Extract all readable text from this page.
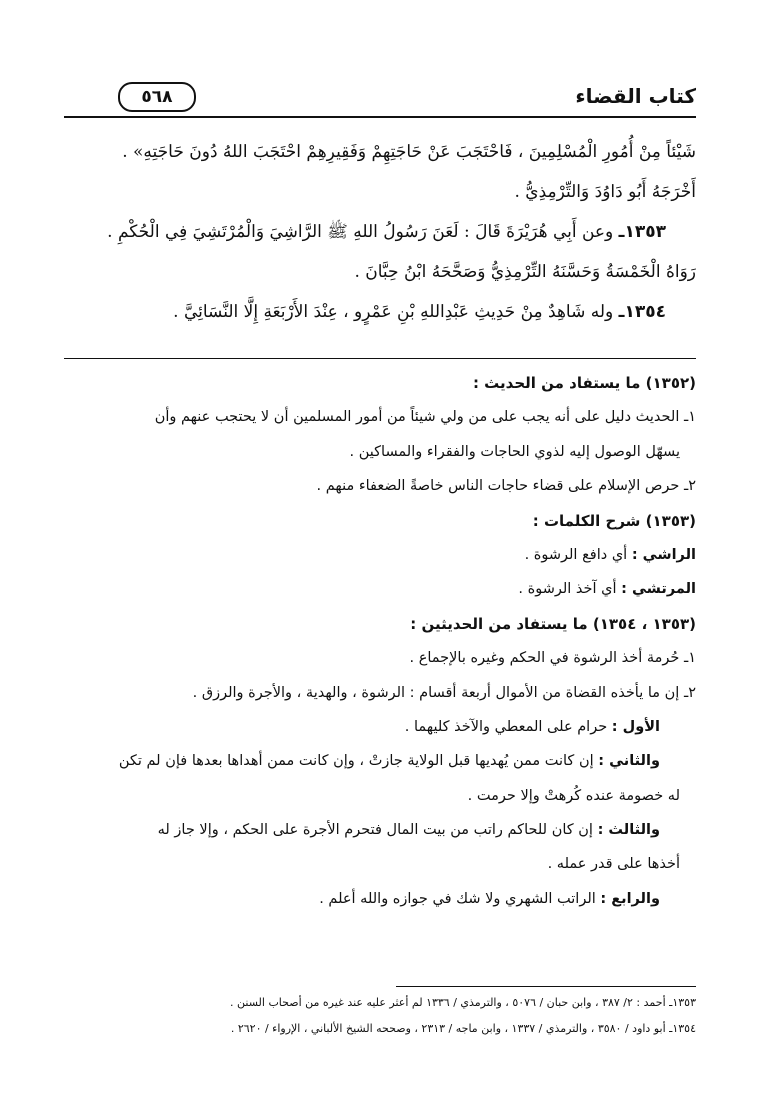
كتاب القضاء
٥٦٨
شَيْئاً مِنْ أُمُورِ الْمُسْلِمِينَ ، فَاحْتَجَبَ عَنْ حَاجَتِهِمْ وَفَقِيرِهِمْ احْتَجَبَ اللهُ دُونَ حَاجَتِهِ» .
أَخْرَجَهُ أَبُو دَاوُدَ وَالتِّرْمِذِيُّ .
١٣٥٣ـ وعن أَبِي هُرَيْرَةَ قَالَ : لَعَنَ رَسُولُ اللهِ ﷺ الرَّاشِيَ وَالْمُرْتَشِيَ فِي الْحُكْمِ .
رَوَاهُ الْخَمْسَةُ وَحَسَّنَهُ التِّرْمِذِيُّ وَصَحَّحَهُ ابْنُ حِبَّانَ .
١٣٥٤ـ وله شَاهِدٌ مِنْ حَدِيثِ عَبْدِاللهِ بْنِ عَمْرٍو ، عِنْدَ الأَرْبَعَةِ إِلَّا النَّسَائِيَّ .
(١٣٥٢) ما يستفاد من الحديث :
١ـ الحديث دليل على أنه يجب على من ولي شيئاً من أمور المسلمين أن لا يحتجب عنهم وأن
يسهّل الوصول إليه لذوي الحاجات والفقراء والمساكين .
٢ـ حرص الإسلام على قضاء حاجات الناس خاصةً الضعفاء منهم .
(١٣٥٣) شرح الكلمات :
الراشي : أي دافع الرشوة .
المرتشي : أي آخذ الرشوة .
(١٣٥٣ ، ١٣٥٤) ما يستفاد من الحديثين :
١ـ حُرمة أخذ الرشوة في الحكم وغيره بالإجماع .
٢ـ إن ما يأخذه القضاة من الأموال أربعة أقسام : الرشوة ، والهدية ، والأجرة والرزق .
الأول : حرام على المعطي والآخذ كليهما .
والثاني : إن كانت ممن يُهديها قبل الولاية جازتْ ، وإن كانت ممن أهداها بعدها فإن لم تكن
له خصومة عنده كُرهتْ وإلا حرمت .
والثالث : إن كان للحاكم راتب من بيت المال فتحرم الأجرة على الحكم ، وإلا جاز له
أخذها على قدر عمله .
والرابع : الراتب الشهري ولا شك في جوازه والله أعلم .
١٣٥٣ـ أحمد : ٢/ ٣٨٧ ، وابن حبان / ٥٠٧٦ ، والترمذي / ١٣٣٦ لم أعثر عليه عند غيره من أصحاب السنن .
١٣٥٤ـ أبو داود / ٣٥٨٠ ، والترمذي / ١٣٣٧ ، وابن ماجه / ٢٣١٣ ، وصححه الشيخ الألباني ، الإرواء / ٢٦٢٠ .
